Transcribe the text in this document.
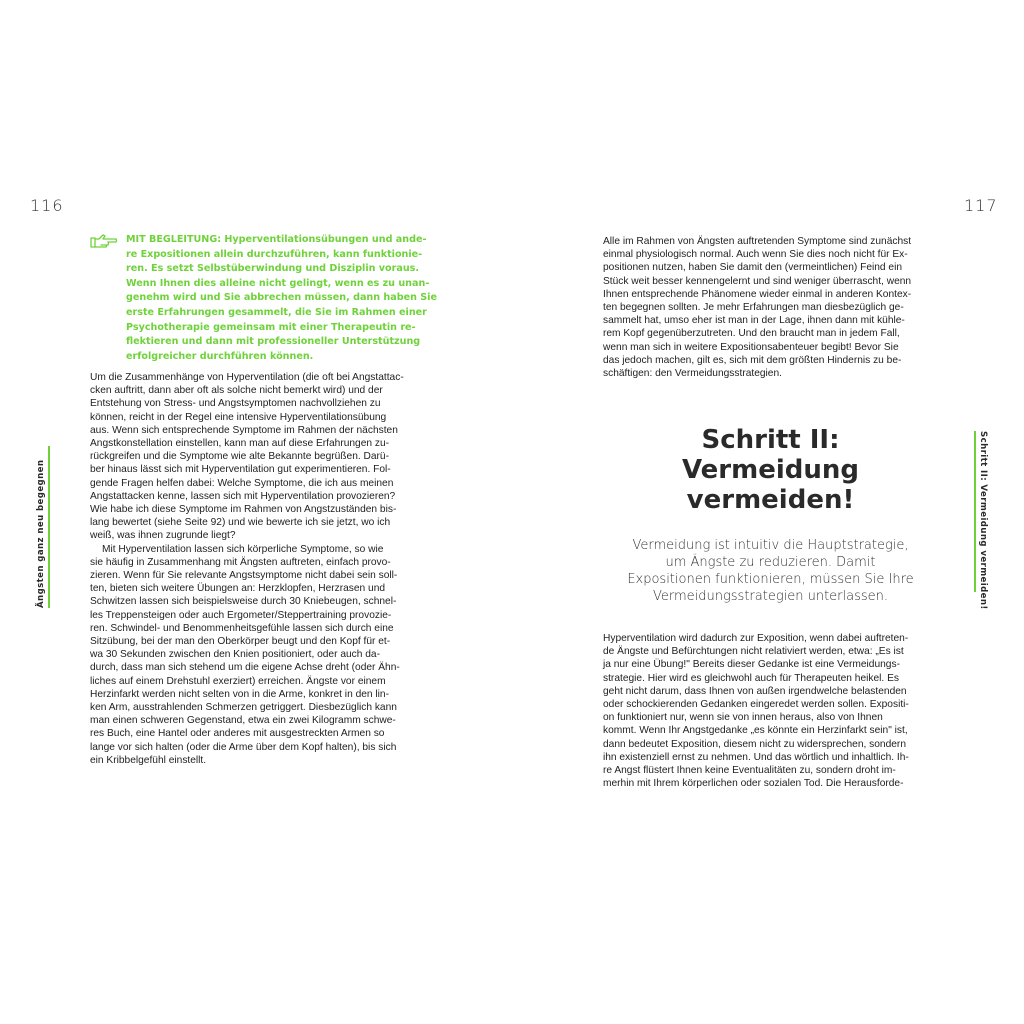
116	117
Ängsten ganz neu begegnen	Schritt II: Vermeidung vermeiden!
MIT BEGLEITUNG: Hyperventilationsübungen und ande-
re Expositionen allein durchzuführen, kann funktionie-
ren. Es setzt Selbstüberwindung und Disziplin voraus.
Wenn Ihnen dies alleine nicht gelingt, wenn es zu unan-
genehm wird und Sie abbrechen müssen, dann haben Sie
erste Erfahrungen gesammelt, die Sie im Rahmen einer
Psychotherapie gemeinsam mit einer Therapeutin re-
flektieren und dann mit professioneller Unterstützung
erfolgreicher durchführen können.

Um die Zusammenhänge von Hyperventilation (die oft bei Angstattac-
cken auftritt, dann aber oft als solche nicht bemerkt wird) und der
Entstehung von Stress- und Angstsymptomen nachvollziehen zu
können, reicht in der Regel eine intensive Hyperventilationsübung
aus. Wenn sich entsprechende Symptome im Rahmen der nächsten
Angstkonstellation einstellen, kann man auf diese Erfahrungen zu-
rückgreifen und die Symptome wie alte Bekannte begrüßen. Darü-
ber hinaus lässt sich mit Hyperventilation gut experimentieren. Fol-
gende Fragen helfen dabei: Welche Symptome, die ich aus meinen
Angstattacken kenne, lassen sich mit Hyperventilation provozieren?
Wie habe ich diese Symptome im Rahmen von Angstzuständen bis-
lang bewertet (siehe Seite 92) und wie bewerte ich sie jetzt, wo ich
weiß, was ihnen zugrunde liegt?

Mit Hyperventilation lassen sich körperliche Symptome, so wie
sie häufig in Zusammenhang mit Ängsten auftreten, einfach provo-
zieren. Wenn für Sie relevante Angstsymptome nicht dabei sein soll-
ten, bieten sich weitere Übungen an: Herzklopfen, Herzrasen und
Schwitzen lassen sich beispielsweise durch 30 Kniebeugen, schnel-
les Treppensteigen oder auch Ergometer/Steppertraining provozie-
ren. Schwindel- und Benommenheitsgefühle lassen sich durch eine
Sitzübung, bei der man den Oberkörper beugt und den Kopf für et-
wa 30 Sekunden zwischen den Knien positioniert, oder auch da-
durch, dass man sich stehend um die eigene Achse dreht (oder Ähn-
liches auf einem Drehstuhl exerziert) erreichen. Ängste vor einem
Herzinfarkt werden nicht selten von in die Arme, konkret in den lin-
ken Arm, ausstrahlenden Schmerzen getriggert. Diesbezüglich kann
man einen schweren Gegenstand, etwa ein zwei Kilogramm schwe-
res Buch, eine Hantel oder anderes mit ausgestreckten Armen so
lange vor sich halten (oder die Arme über dem Kopf halten), bis sich
ein Kribbelgefühl einstellt.

Alle im Rahmen von Ängsten auftretenden Symptome sind zunächst
einmal physiologisch normal. Auch wenn Sie dies noch nicht für Ex-
positionen nutzen, haben Sie damit den (vermeintlichen) Feind ein
Stück weit besser kennengelernt und sind weniger überrascht, wenn
Ihnen entsprechende Phänomene wieder einmal in anderen Kontex-
ten begegnen sollten. Je mehr Erfahrungen man diesbezüglich ge-
sammelt hat, umso eher ist man in der Lage, ihnen dann mit kühle-
rem Kopf gegenüberzutreten. Und den braucht man in jedem Fall,
wenn man sich in weitere Expositionsabenteuer begibt! Bevor Sie
das jedoch machen, gilt es, sich mit dem größten Hindernis zu be-
schäftigen: den Vermeidungsstrategien.

Schritt II:
Vermeidung
vermeiden!
Vermeidung ist intuitiv die Hauptstrategie,
um Ängste zu reduzieren. Damit
Expositionen funktionieren, müssen Sie Ihre
Vermeidungsstrategien unterlassen.

Hyperventilation wird dadurch zur Exposition, wenn dabei auftreten-
de Ängste und Befürchtungen nicht relativiert werden, etwa: „Es ist
ja nur eine Übung!" Bereits dieser Gedanke ist eine Vermeidungs-
strategie. Hier wird es gleichwohl auch für Therapeuten heikel. Es
geht nicht darum, dass Ihnen von außen irgendwelche belastenden
oder schockierenden Gedanken eingeredet werden sollen. Expositi-
on funktioniert nur, wenn sie von innen heraus, also von Ihnen
kommt. Wenn Ihr Angstgedanke „es könnte ein Herzinfarkt sein" ist,
dann bedeutet Exposition, diesem nicht zu widersprechen, sondern
ihn existenziell ernst zu nehmen. Und das wörtlich und inhaltlich. Ih-
re Angst flüstert Ihnen keine Eventualitäten zu, sondern droht im-
merhin mit Ihrem körperlichen oder sozialen Tod. Die Herausforde-
